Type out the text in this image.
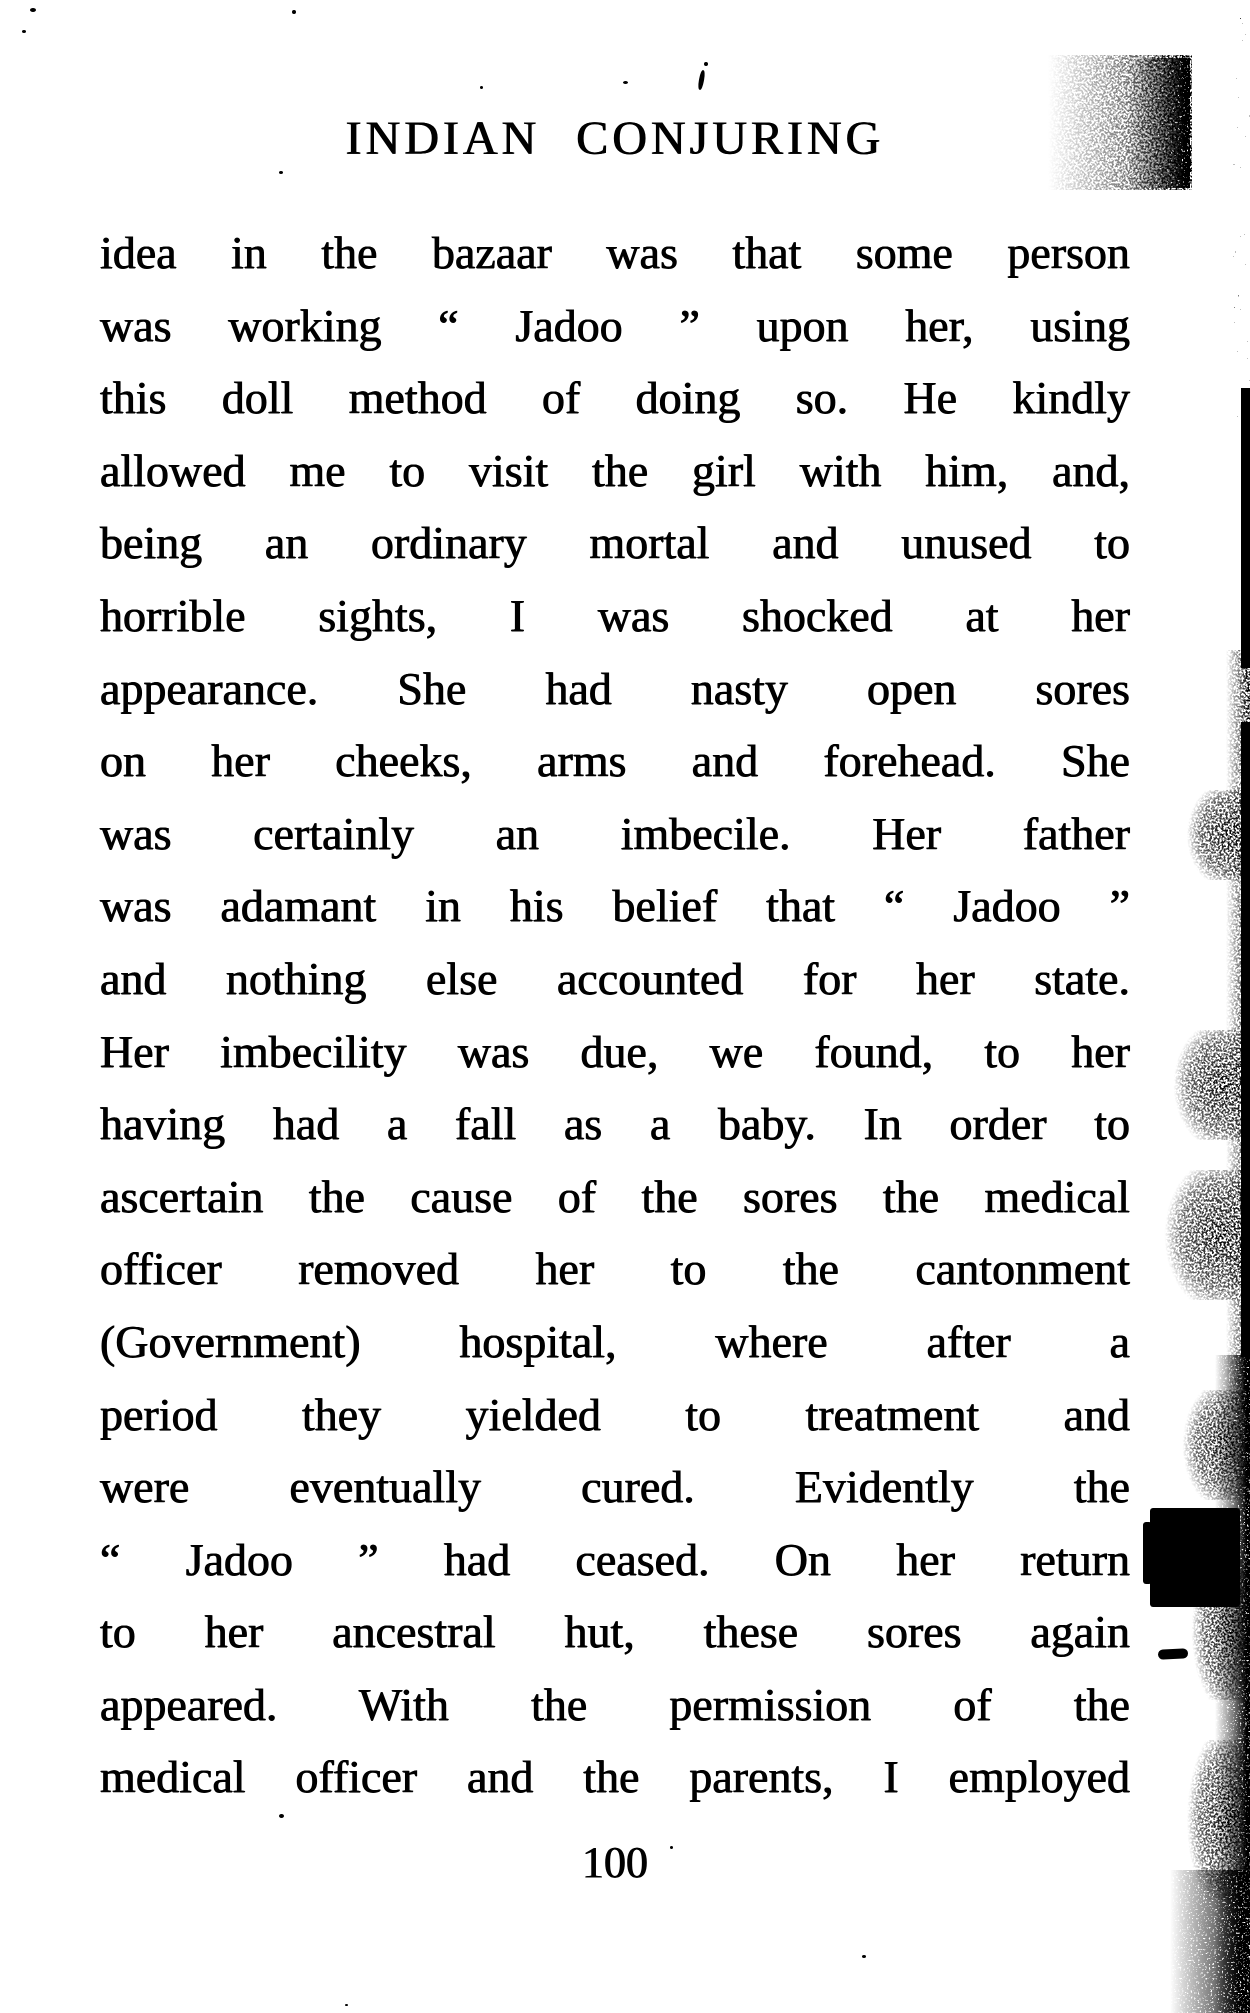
INDIAN CONJURING
idea in the bazaar was that some person
was working “ Jadoo ” upon her, using
this doll method of doing so. He kindly
allowed me to visit the girl with him, and,
being an ordinary mortal and unused to
horrible sights, I was shocked at her
appearance. She had nasty open sores
on her cheeks, arms and forehead. She
was certainly an imbecile. Her father
was adamant in his belief that “ Jadoo ”
and nothing else accounted for her state.
Her imbecility was due, we found, to her
having had a fall as a baby. In order to
ascertain the cause of the sores the medical
officer removed her to the cantonment
(Government) hospital, where after a
period they yielded to treatment and
were eventually cured. Evidently the
“ Jadoo ” had ceased. On her return
to her ancestral hut, these sores again
appeared. With the permission of the
medical officer and the parents, I employed
100
